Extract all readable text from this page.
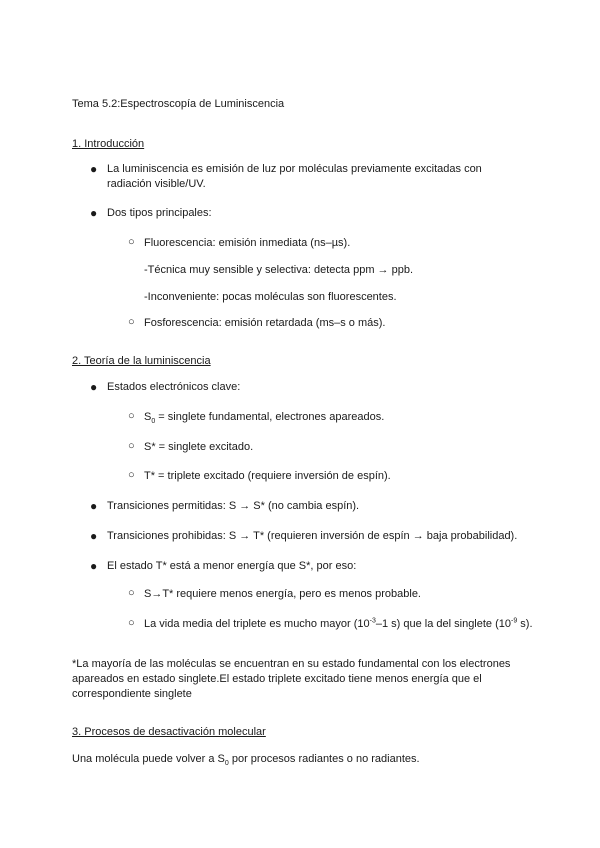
Tema 5.2:Espectroscopía de Luminiscencia
1. Introducción
● La luminiscencia es emisión de luz por moléculas previamente excitadas con radiación visible/UV.
● Dos tipos principales:
○ Fluorescencia: emisión inmediata (ns–µs).
-Técnica muy sensible y selectiva: detecta ppm → ppb.
-Inconveniente: pocas moléculas son fluorescentes.
○ Fosforescencia: emisión retardada (ms–s o más).
2. Teoría de la luminiscencia
● Estados electrónicos clave:
○ $S_0$ = singlete fundamental, electrones apareados.
○ S* = singlete excitado.
○ T* = triplete excitado (requiere inversión de espín).
● Transiciones permitidas: S → S* (no cambia espín).
● Transiciones prohibidas: S → T* (requieren inversión de espín → baja probabilidad).
● El estado T* está a menor energía que S*, por eso:
○ S→T* requiere menos energía, pero es menos probable.
○ La vida media del triplete es mucho mayor ($10^{-3}-1$ s) que la del singlete ($10^{-9}$ s).
*La mayoría de las moléculas se encuentran en su estado fundamental con los electrones apareados en estado singlete.El estado triplete excitado tiene menos energía que el correspondiente singlete
3. Procesos de desactivación molecular
Una molécula puede volver a $S_0$ por procesos radiantes o no radiantes.
